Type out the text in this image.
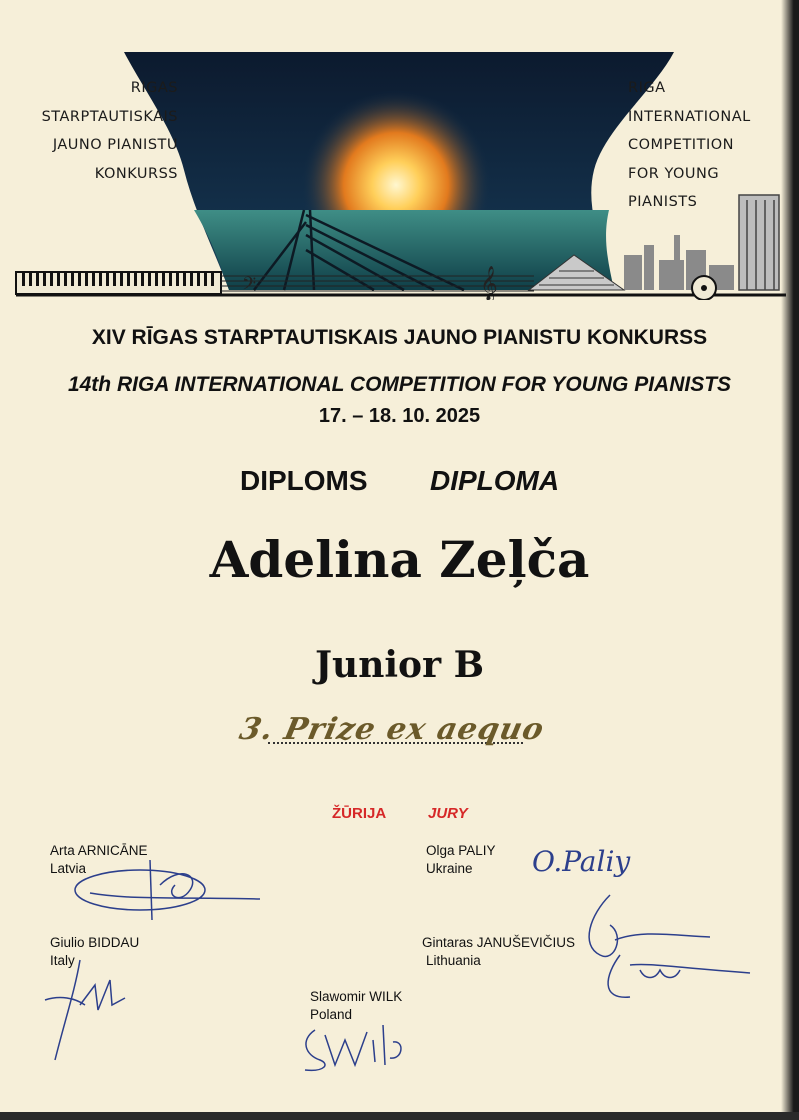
𝄢	𝄞
RIGAS
STARPTAUTISKAIS
JAUNO PIANISTU
KONKURSS
RIGA
INTERNATIONAL
COMPETITION
FOR YOUNG
PIANISTS
XIV RĪGAS STARPTAUTISKAIS JAUNO PIANISTU KONKURSS
14th RIGA INTERNATIONAL COMPETITION FOR YOUNG PIANISTS
17. – 18. 10. 2025
DIPLOMS DIPLOMA
Adelina Zeļča
Junior B
3. Prize ex aequo
ŽŪRIJA	JURY
Arta ARNICĀNE
Latvia
Olga PALIY
Ukraine
Giulio BIDDAU
Italy
Gintaras JANUŠEVIČIUS
Lithuania
Slawomir WILK
Poland
O.Paliy
